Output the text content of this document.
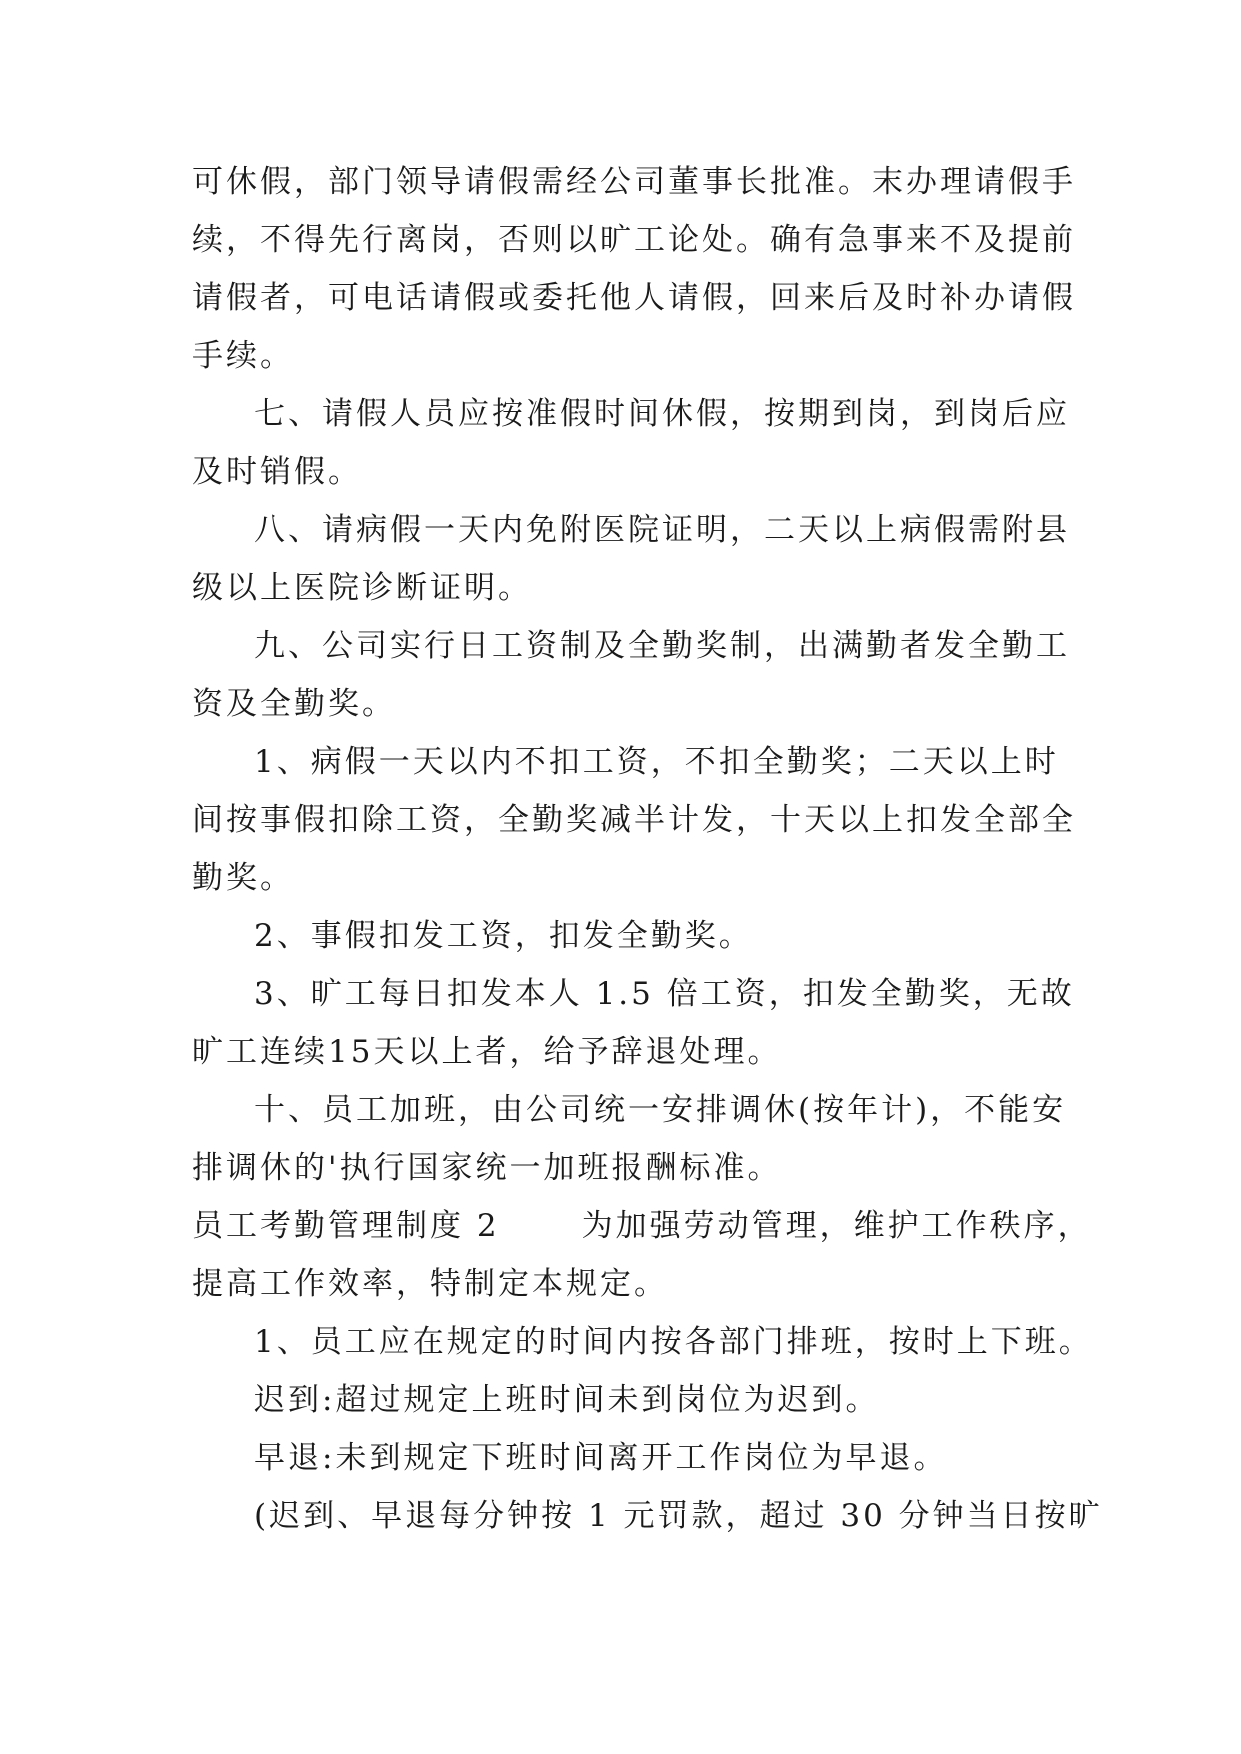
可休假，部门领导请假需经公司董事长批准。末办理请假手
续，不得先行离岗，否则以旷工论处。确有急事来不及提前
请假者，可电话请假或委托他人请假，回来后及时补办请假
手续。
七、请假人员应按准假时间休假，按期到岗，到岗后应
及时销假。
八、请病假一天内免附医院证明，二天以上病假需附县
级以上医院诊断证明。
九、公司实行日工资制及全勤奖制，出满勤者发全勤工
资及全勤奖。
1、病假一天以内不扣工资，不扣全勤奖；二天以上时
间按事假扣除工资，全勤奖减半计发，十天以上扣发全部全
勤奖。
2、事假扣发工资，扣发全勤奖。
3、旷工每日扣发本人 1.5 倍工资，扣发全勤奖，无故
旷工连续15天以上者，给予辞退处理。
十、员工加班，由公司统一安排调休(按年计)，不能安
排调休的'执行国家统一加班报酬标准。
员工考勤管理制度 2	为加强劳动管理，维护工作秩序，
提高工作效率，特制定本规定。
1、员工应在规定的时间内按各部门排班，按时上下班。
迟到:超过规定上班时间未到岗位为迟到。
早退:未到规定下班时间离开工作岗位为早退。
(迟到、早退每分钟按 1 元罚款，超过 30 分钟当日按旷
